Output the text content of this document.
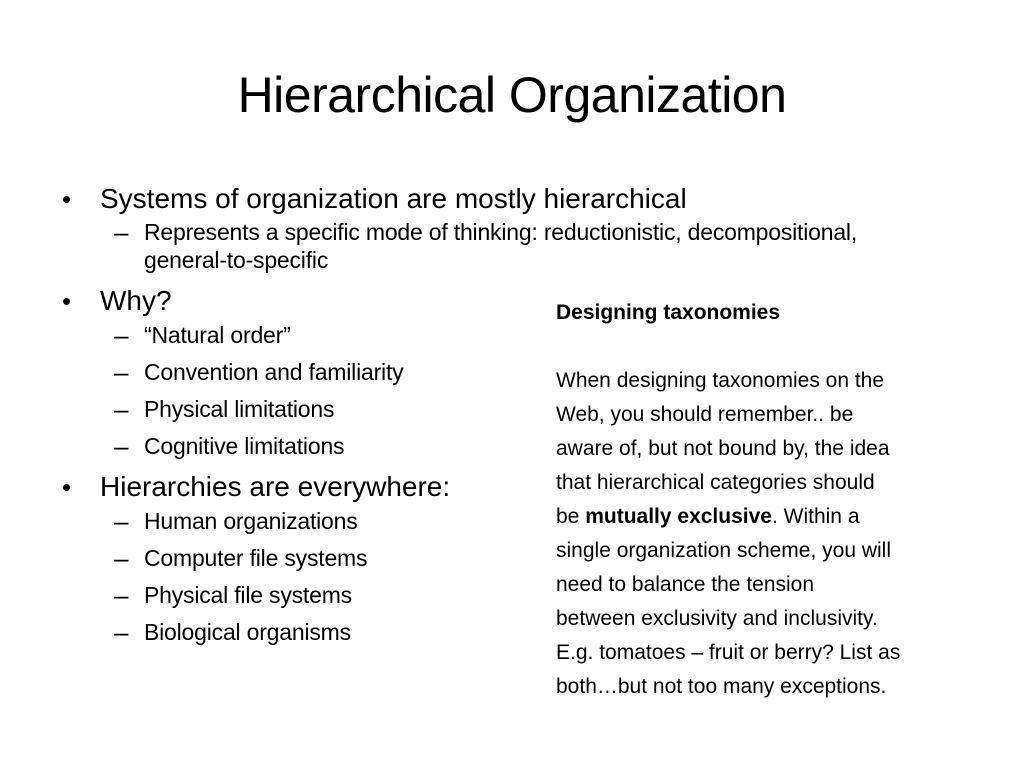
Hierarchical Organization
•	Systems of organization are mostly hierarchical
– Represents a specific mode of thinking: reductionistic, decompositional, general-to-specific
•	Why?
– “Natural order”
– Convention and familiarity
– Physical limitations
– Cognitive limitations
•	Hierarchies are everywhere:
– Human organizations
– Computer file systems
– Physical file systems
– Biological organisms
Designing taxonomies

When designing taxonomies on the
Web, you should remember.. be
aware of, but not bound by, the idea
that hierarchical categories should
be mutually exclusive. Within a
single organization scheme, you will
need to balance the tension
between exclusivity and inclusivity.
E.g. tomatoes – fruit or berry? List as
both…but not too many exceptions.
